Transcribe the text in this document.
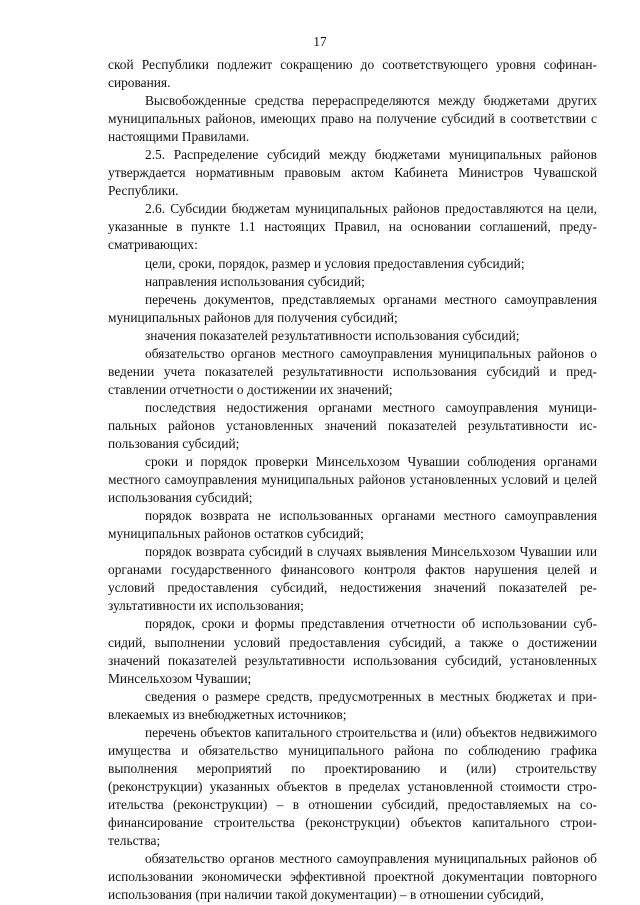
17

ской Республики подлежит сокращению до соответствующего уровня софинансирования.

Высвобожденные средства перераспределяются между бюджетами других муниципальных районов, имеющих право на получение субсидий в соответствии с настоящими Правилами.

2.5. Распределение субсидий между бюджетами муниципальных районов утверждается нормативным правовым актом Кабинета Министров Чувашской Республики.

2.6. Субсидии бюджетам муниципальных районов предоставляются на цели, указанные в пункте 1.1 настоящих Правил, на основании соглашений, предусматривающих:

цели, сроки, порядок, размер и условия предоставления субсидий;

направления использования субсидий;

перечень документов, представляемых органами местного самоуправления муниципальных районов для получения субсидий;

значения показателей результативности использования субсидий;

обязательство органов местного самоуправления муниципальных районов о ведении учета показателей результативности использования субсидий и представлении отчетности о достижении их значений;

последствия недостижения органами местного самоуправления муниципальных районов установленных значений показателей результативности использования субсидий;

сроки и порядок проверки Минсельхозом Чувашии соблюдения органами местного самоуправления муниципальных районов установленных условий и целей использования субсидий;

порядок возврата не использованных органами местного самоуправления муниципальных районов остатков субсидий;

порядок возврата субсидий в случаях выявления Минсельхозом Чувашии или органами государственного финансового контроля фактов нарушения целей и условий предоставления субсидий, недостижения значений показателей результативности их использования;

порядок, сроки и формы представления отчетности об использовании субсидий, выполнении условий предоставления субсидий, а также о достижении значений показателей результативности использования субсидий, установленных Минсельхозом Чувашии;

сведения о размере средств, предусмотренных в местных бюджетах и привлекаемых из внебюджетных источников;

перечень объектов капитального строительства и (или) объектов недвижимого имущества и обязательство муниципального района по соблюдению графика выполнения мероприятий по проектированию и (или) строительству (реконструкции) указанных объектов в пределах установленной стоимости строительства (реконструкции) – в отношении субсидий, предоставляемых на софинансирование строительства (реконструкции) объектов капитального строительства;

обязательство органов местного самоуправления муниципальных районов об использовании экономически эффективной проектной документации повторного использования (при наличии такой документации) – в отношении субсидий,
